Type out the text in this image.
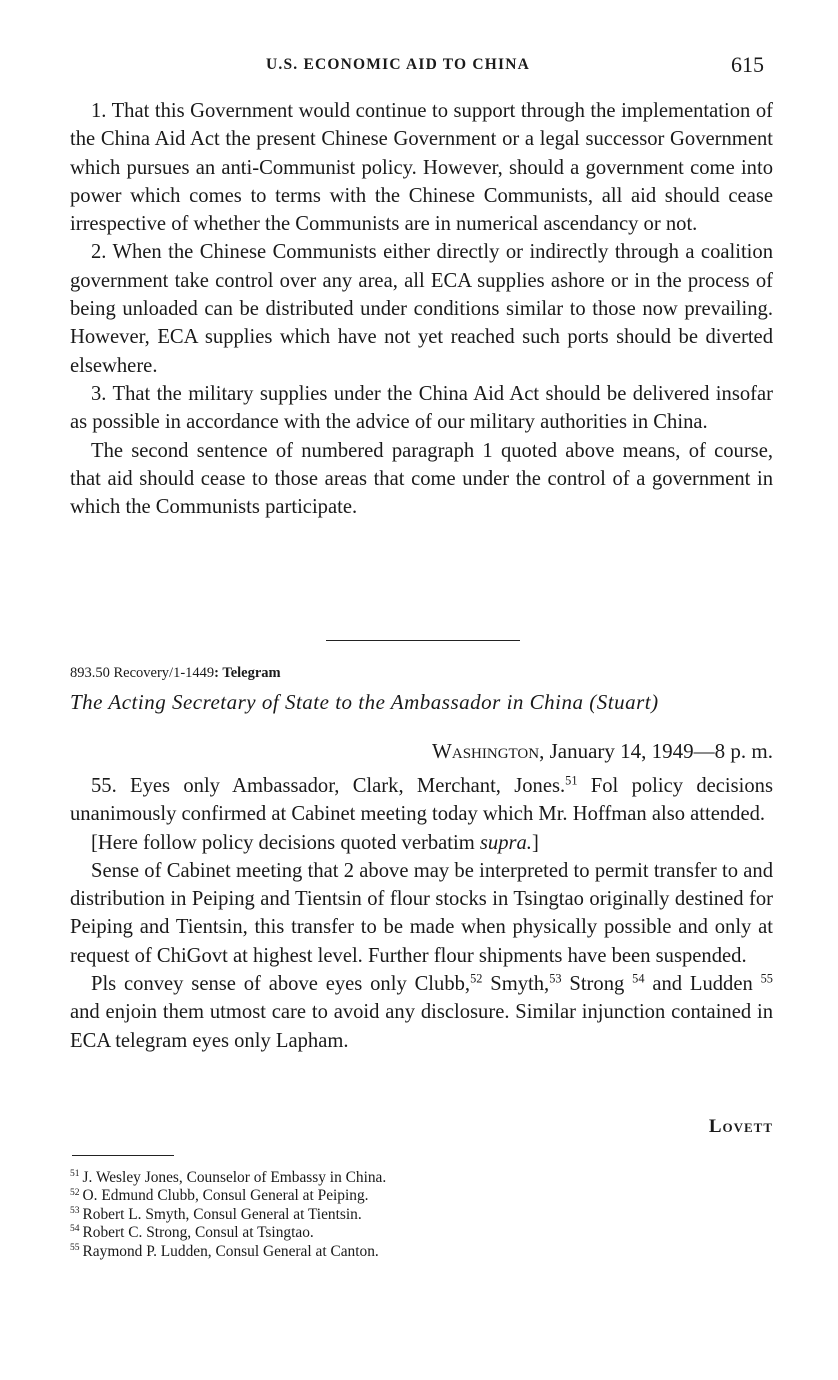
U.S. ECONOMIC AID TO CHINA	615

1. That this Government would continue to support through the implementation of the China Aid Act the present Chinese Government or a legal successor Government which pursues an anti-Communist policy. However, should a government come into power which comes to terms with the Chinese Communists, all aid should cease irrespective of whether the Communists are in numerical ascendancy or not.

2. When the Chinese Communists either directly or indirectly through a coalition government take control over any area, all ECA supplies ashore or in the process of being unloaded can be distributed under conditions similar to those now prevailing. However, ECA supplies which have not yet reached such ports should be diverted elsewhere.

3. That the military supplies under the China Aid Act should be delivered insofar as possible in accordance with the advice of our military authorities in China.

The second sentence of numbered paragraph 1 quoted above means, of course, that aid should cease to those areas that come under the control of a government in which the Communists participate.

893.50 Recovery/1-1449: Telegram
The Acting Secretary of State to the Ambassador in China (Stuart)
Washington, January 14, 1949—8 p. m.

55. Eyes only Ambassador, Clark, Merchant, Jones.$^{51}$ Fol policy decisions unanimously confirmed at Cabinet meeting today which Mr. Hoffman also attended.

[Here follow policy decisions quoted verbatim supra.]

Sense of Cabinet meeting that 2 above may be interpreted to permit transfer to and distribution in Peiping and Tientsin of flour stocks in Tsingtao originally destined for Peiping and Tientsin, this transfer to be made when physically possible and only at request of ChiGovt at highest level. Further flour shipments have been suspended.

Pls convey sense of above eyes only Clubb,$^{52}$ Smyth,$^{53}$ Strong $^{54}$ and Ludden $^{55}$ and enjoin them utmost care to avoid any disclosure. Similar injunction contained in ECA telegram eyes only Lapham.

Lovett
$^{51}$ J. Wesley Jones, Counselor of Embassy in China.
$^{52}$ O. Edmund Clubb, Consul General at Peiping.
$^{53}$ Robert L. Smyth, Consul General at Tientsin.
$^{54}$ Robert C. Strong, Consul at Tsingtao.
$^{55}$ Raymond P. Ludden, Consul General at Canton.
